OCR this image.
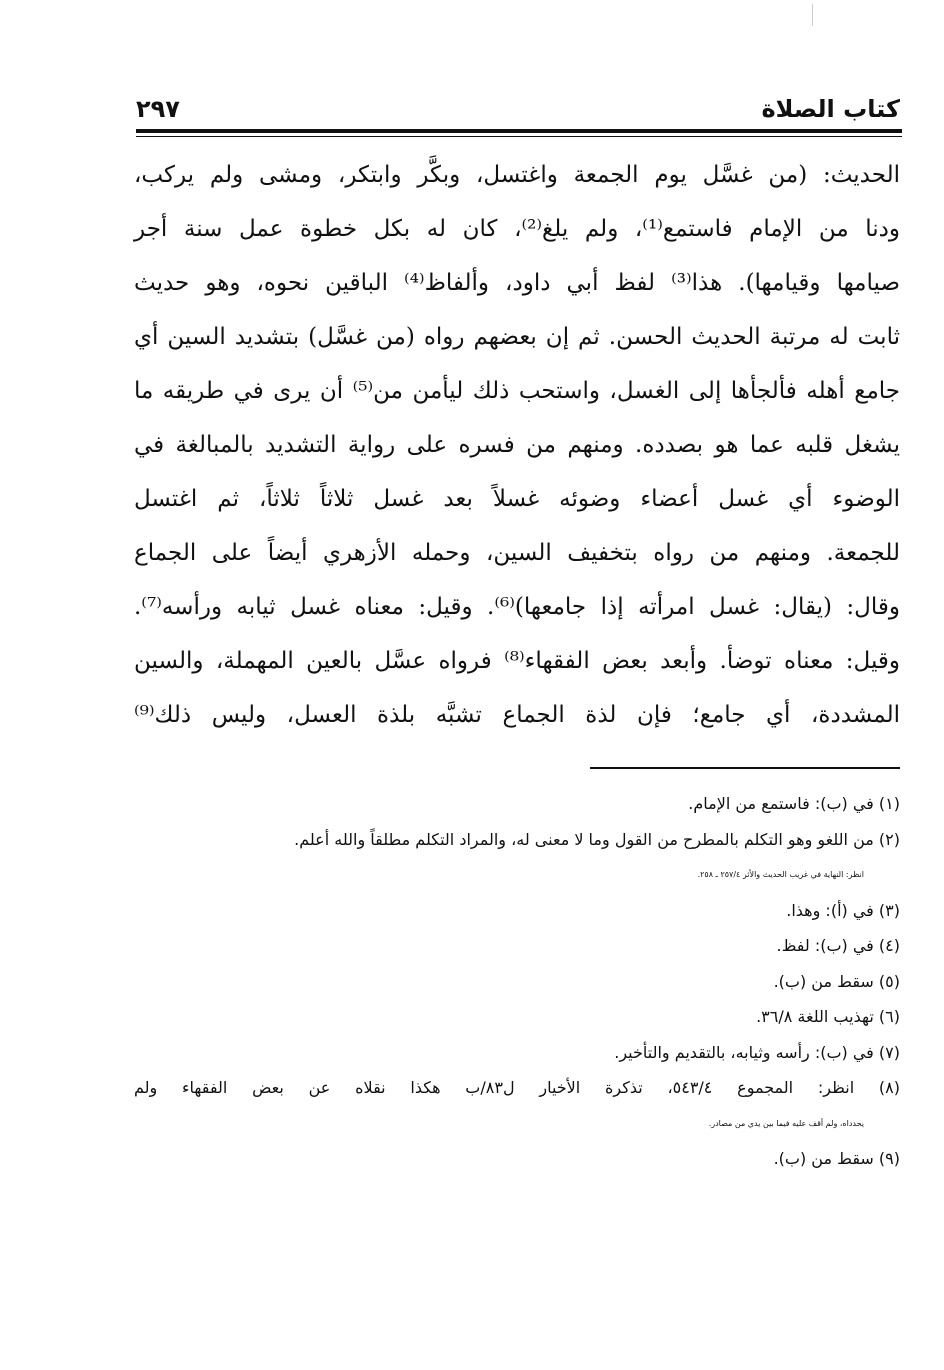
كتاب الصلاة
٢٩٧
الحديث: (من غسَّل يوم الجمعة واغتسل، وبكَّر وابتكر، ومشى ولم يركب،
ودنا من الإمام فاستمع⁽¹⁾، ولم يلغ⁽²⁾، كان له بكل خطوة عمل سنة أجر
صيامها وقيامها). هذا⁽³⁾ لفظ أبي داود، وألفاظ⁽⁴⁾ الباقين نحوه، وهو حديث
ثابت له مرتبة الحديث الحسن. ثم إن بعضهم رواه (من غسَّل) بتشديد السين أي
جامع أهله فألجأها إلى الغسل، واستحب ذلك ليأمن من⁽⁵⁾ أن يرى في طريقه ما
يشغل قلبه عما هو بصدده. ومنهم من فسره على رواية التشديد بالمبالغة في
الوضوء أي غسل أعضاء وضوئه غسلاً بعد غسل ثلاثاً ثلاثاً، ثم اغتسل
للجمعة. ومنهم من رواه بتخفيف السين، وحمله الأزهري أيضاً على الجماع
وقال: (يقال: غسل امرأته إذا جامعها)⁽⁶⁾. وقيل: معناه غسل ثيابه ورأسه⁽⁷⁾.
وقيل: معناه توضأ. وأبعد بعض الفقهاء⁽⁸⁾ فرواه عسَّل بالعين المهملة، والسين
المشددة، أي جامع؛ فإن لذة الجماع تشبَّه بلذة العسل، وليس ذلك⁽⁹⁾
(١) في (ب): فاستمع من الإمام.
(٢) من اللغو وهو التكلم بالمطرح من القول وما لا معنى له، والمراد التكلم مطلقاً والله أعلم.
انظر: النهاية في غريب الحديث والأثر ٢٥٧/٤ ـ ٢٥٨.
(٣) في (أ): وهذا.
(٤) في (ب): لفظ.
(٥) سقط من (ب).
(٦) تهذيب اللغة ٣٦/٨.
(٧) في (ب): رأسه وثيابه، بالتقديم والتأخير.
(٨) انظر: المجموع ٥٤٣/٤، تذكرة الأخيار ل٨٣/ب هكذا نقلاه عن بعض الفقهاء ولم
يحدداه، ولم أقف عليه فيما بين يدي من مصادر.
(٩) سقط من (ب).
